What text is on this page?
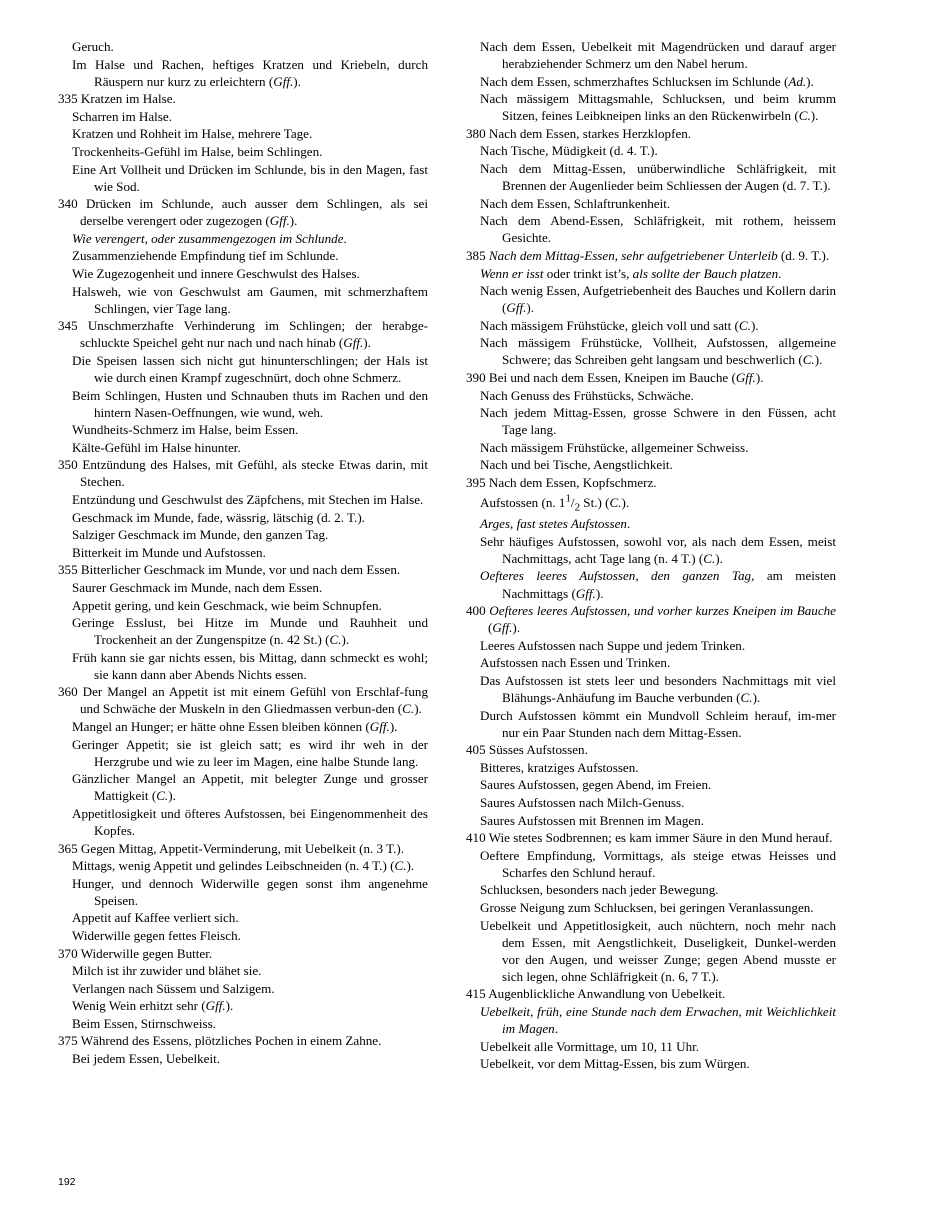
Geruch.

Im Halse und Rachen, heftiges Kratzen und Kriebeln, durch Räuspern nur kurz zu erleichtern (Gff.).

335 Kratzen im Halse.

Scharren im Halse.

Kratzen und Rohheit im Halse, mehrere Tage.

Trockenheits-Gefühl im Halse, beim Schlingen.

Eine Art Vollheit und Drücken im Schlunde, bis in den Magen, fast wie Sod.

340 Drücken im Schlunde, auch ausser dem Schlingen, als sei derselbe verengert oder zugezogen (Gff.).

Wie verengert, oder zusammengezogen im Schlunde.

Zusammenziehende Empfindung tief im Schlunde.

Wie Zugezogenheit und innere Geschwulst des Halses.

Halsweh, wie von Geschwulst am Gaumen, mit schmerzhaftem Schlingen, vier Tage lang.

345 Unschmerzhafte Verhinderung im Schlingen; der herabge-schluckte Speichel geht nur nach und nach hinab (Gff.).

Die Speisen lassen sich nicht gut hinunterschlingen; der Hals ist wie durch einen Krampf zugeschnürt, doch ohne Schmerz.

Beim Schlingen, Husten und Schnauben thuts im Rachen und den hintern Nasen-Oeffnungen, wie wund, weh.

Wundheits-Schmerz im Halse, beim Essen.

Kälte-Gefühl im Halse hinunter.

350 Entzündung des Halses, mit Gefühl, als stecke Etwas darin, mit Stechen.

Entzündung und Geschwulst des Zäpfchens, mit Stechen im Halse.

Geschmack im Munde, fade, wässrig, lätschig (d. 2. T.).

Salziger Geschmack im Munde, den ganzen Tag.

Bitterkeit im Munde und Aufstossen.

355 Bitterlicher Geschmack im Munde, vor und nach dem Essen.

Saurer Geschmack im Munde, nach dem Essen.

Appetit gering, und kein Geschmack, wie beim Schnupfen.

Geringe Esslust, bei Hitze im Munde und Rauhheit und Trockenheit an der Zungenspitze (n. 42 St.) (C.).

Früh kann sie gar nichts essen, bis Mittag, dann schmeckt es wohl; sie kann dann aber Abends Nichts essen.

360 Der Mangel an Appetit ist mit einem Gefühl von Erschlaf-fung und Schwäche der Muskeln in den Gliedmassen verbun-den (C.).

Mangel an Hunger; er hätte ohne Essen bleiben können (Gff.).

Geringer Appetit; sie ist gleich satt; es wird ihr weh in der Herzgrube und wie zu leer im Magen, eine halbe Stunde lang.

Gänzlicher Mangel an Appetit, mit belegter Zunge und grosser Mattigkeit (C.).

Appetitlosigkeit und öfteres Aufstossen, bei Eingenommenheit des Kopfes.

365 Gegen Mittag, Appetit-Verminderung, mit Uebelkeit (n. 3 T.).

Mittags, wenig Appetit und gelindes Leibschneiden (n. 4 T.) (C.).

Hunger, und dennoch Widerwille gegen sonst ihm angenehme Speisen.

Appetit auf Kaffee verliert sich.

Widerwille gegen fettes Fleisch.

370 Widerwille gegen Butter.

Milch ist ihr zuwider und blähet sie.

Verlangen nach Süssem und Salzigem.

Wenig Wein erhitzt sehr (Gff.).

Beim Essen, Stirnschweiss.

375 Während des Essens, plötzliches Pochen in einem Zahne.

Bei jedem Essen, Uebelkeit.

Nach dem Essen, Uebelkeit mit Magendrücken und darauf arger herabziehender Schmerz um den Nabel herum.

Nach dem Essen, schmerzhaftes Schlucksen im Schlunde (Ad.).

Nach mässigem Mittagsmahle, Schlucksen, und beim krumm Sitzen, feines Leibkneipen links an den Rückenwirbeln (C.).

380 Nach dem Essen, starkes Herzklopfen.

Nach Tische, Müdigkeit (d. 4. T.).

Nach dem Mittag-Essen, unüberwindliche Schläfrigkeit, mit Brennen der Augenlieder beim Schliessen der Augen (d. 7. T.).

Nach dem Essen, Schlaftrunkenheit.

Nach dem Abend-Essen, Schläfrigkeit, mit rothem, heissem Gesichte.

385 Nach dem Mittag-Essen, sehr aufgetriebener Unterleib (d. 9. T.).

Wenn er isst oder trinkt ist’s, als sollte der Bauch platzen.

Nach wenig Essen, Aufgetriebenheit des Bauches und Kollern darin (Gff.).

Nach mässigem Frühstücke, gleich voll und satt (C.).

Nach mässigem Frühstücke, Vollheit, Aufstossen, allgemeine Schwere; das Schreiben geht langsam und beschwerlich (C.).

390 Bei und nach dem Essen, Kneipen im Bauche (Gff.).

Nach Genuss des Frühstücks, Schwäche.

Nach jedem Mittag-Essen, grosse Schwere in den Füssen, acht Tage lang.

Nach mässigem Frühstücke, allgemeiner Schweiss.

Nach und bei Tische, Aengstlichkeit.

395 Nach dem Essen, Kopfschmerz.

Aufstossen (n. $1^1/_2$ St.) (C.).

Arges, fast stetes Aufstossen.

Sehr häufiges Aufstossen, sowohl vor, als nach dem Essen, meist Nachmittags, acht Tage lang (n. 4 T.) (C.).

Oefteres leeres Aufstossen, den ganzen Tag, am meisten Nachmittags (Gff.).

400 Oefteres leeres Aufstossen, und vorher kurzes Kneipen im Bauche (Gff.).

Leeres Aufstossen nach Suppe und jedem Trinken.

Aufstossen nach Essen und Trinken.

Das Aufstossen ist stets leer und besonders Nachmittags mit viel Blähungs-Anhäufung im Bauche verbunden (C.).

Durch Aufstossen kömmt ein Mundvoll Schleim herauf, im-mer nur ein Paar Stunden nach dem Mittag-Essen.

405 Süsses Aufstossen.

Bitteres, kratziges Aufstossen.

Saures Aufstossen, gegen Abend, im Freien.

Saures Aufstossen nach Milch-Genuss.

Saures Aufstossen mit Brennen im Magen.

410 Wie stetes Sodbrennen; es kam immer Säure in den Mund herauf.

Oeftere Empfindung, Vormittags, als steige etwas Heisses und Scharfes den Schlund herauf.

Schlucksen, besonders nach jeder Bewegung.

Grosse Neigung zum Schlucksen, bei geringen Veranlassungen.

Uebelkeit und Appetitlosigkeit, auch nüchtern, noch mehr nach dem Essen, mit Aengstlichkeit, Duseligkeit, Dunkel-werden vor den Augen, und weisser Zunge; gegen Abend musste er sich legen, ohne Schläfrigkeit (n. 6, 7 T.).

415 Augenblickliche Anwandlung von Uebelkeit.

Uebelkeit, früh, eine Stunde nach dem Erwachen, mit Weichlichkeit im Magen.

Uebelkeit alle Vormittage, um 10, 11 Uhr.

Uebelkeit, vor dem Mittag-Essen, bis zum Würgen.

192
